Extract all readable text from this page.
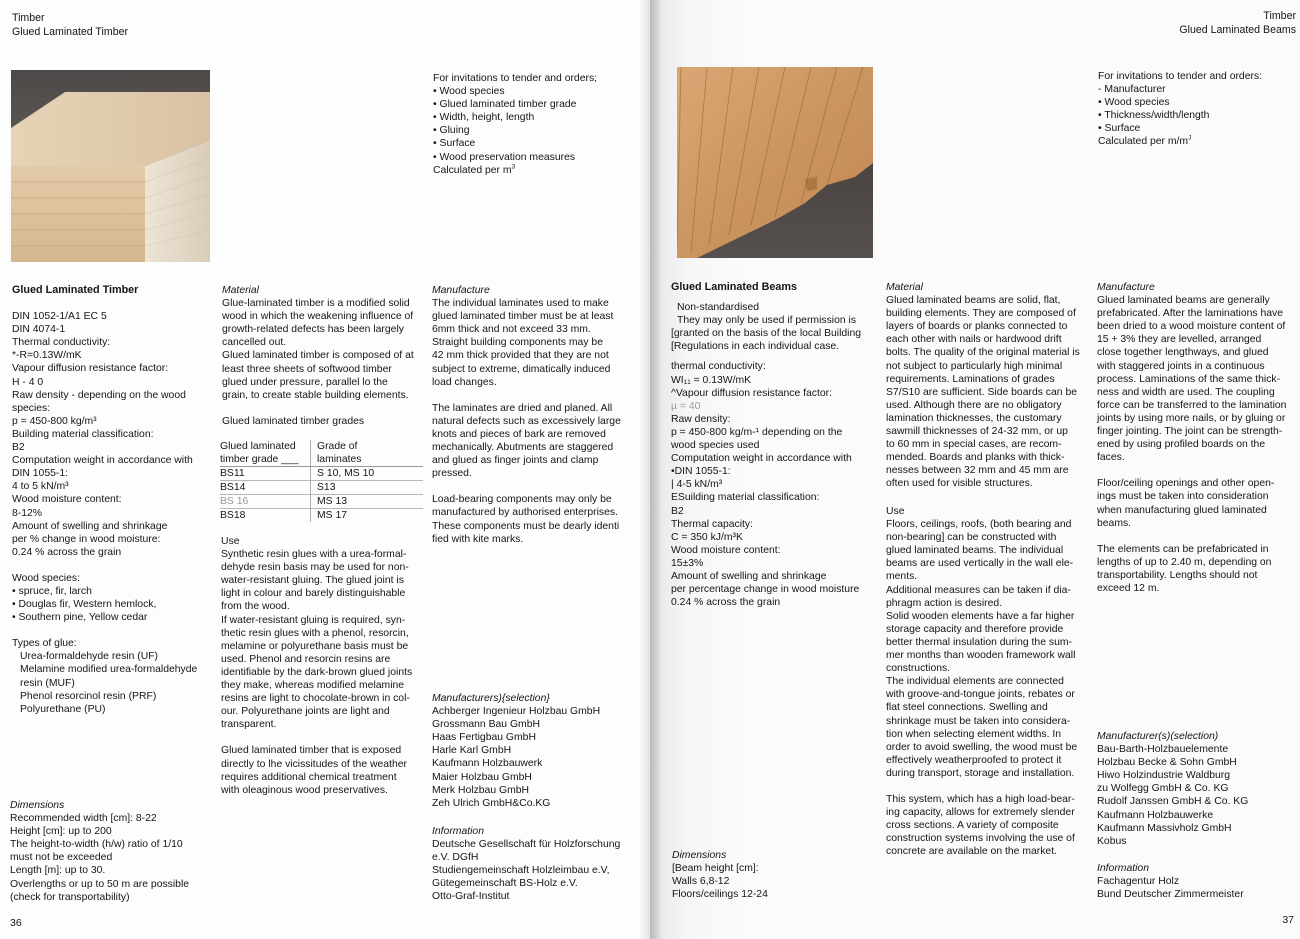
Timber
Glued Laminated Timber
For invitations to tender and orders;
• Wood species
• Glued laminated timber grade
• Width, height, length
• Gluing
• Surface
• Wood preservation measures
Calculated per $m^3$
Glued Laminated Timber
DIN 1052-1/A1 EC 5
DIN 4074-1
Thermal conductivity:
*‑R=0.13W/mK
Vapour diffusion resistance factor:
H - 4 0
Raw density - depending on the wood
species:
p = 450-800 kg/m³
Building material classification:
B2
Computation weight in accordance with
DIN 1055-1:
4 to 5 kN/m³
Wood moisture content:
8-12%
Amount of swelling and shrinkage
per % change in wood moisture:
0.24 % across the grain
Wood species:
• spruce, fir, larch
• Douglas fir, Western hemlock,
• Southern pine, Yellow cedar
Types of glue:
Urea-formaldehyde resin (UF)
Melamine modified urea-formaldehyde
resin (MUF)
Phenol resorcinol resin (PRF)
Polyurethane (PU)
Dimensions
Recommended width [cm]: 8-22
Height [cm]: up to 200
The height-to-width (h/w) ratio of 1/10
must not be exceeded
Length [m]: up to 30.
Overlengths or up to 50 m are possible
(check for transportability)
Material
Glue-laminated timber is a modified solid
wood in which the weakening influence of
growth-related defects has been largely
cancelled out.
Glued laminated timber is composed of at
least three sheets of softwood timber
glued under pressure, parallel lo the
grain, to create stable building elements.
Glued laminated timber grades
Glued laminated
timber grade ___
Grade of
laminates
BS11	S 10, MS 10
BS14	S13
BS 16	MS 13
BS18	MS 17
Use
Synthetic resin glues with a urea-formal-
dehyde resin basis may be used for non-
water-resistant gluing. The glued joint is
light in colour and barely distinguishable
from the wood.
If water-resistant gluing is required, syn-
thetic resin glues with a phenol, resorcin,
melamine or polyurethane basis must be
used. Phenol and resorcin resins are
identifiable by the dark-brown glued joints
they make, whereas modified melamine
resins are light to chocolate-brown in col-
our. Polyurethane joints are light and
transparent.
Glued laminated timber that is exposed
directly to lhe vicissitudes of the weather
requires additional chemical treatment
with oleaginous wood preservatives.
Manufacture
The individual laminates used to make
glued laminated timber must be at least
6mm thick and not exceed 33 mm.
Straight building components may be
42 mm thick provided that they are not
subject to extreme, dimatically induced
load changes.
The laminates are dried and planed. All
natural defects such as excessively large
knots and pieces of bark are removed
mechanically. Abutments are staggered
and glued as finger joints and clamp
pressed.
Load-bearing components may only be
manufactured by authorised enterprises.
These components must be dearly identi
fied with kite marks.
Manufacturers){selection}
Achberger Ingenieur Holzbau GmbH
Grossmann Bau GmbH
Haas Fertigbau GmbH
Harle Karl GmbH
Kaufmann Holzbauwerk
Maier Holzbau GmbH
Merk Holzbau GmbH
Zeh Ulrich GmbH&Co.KG
Information
Deutsche Gesellschaft für Holzforschung
e.V. DGfH
Studiengemeinschaft Holzleimbau e.V,
Gütegemeinschaft BS-Holz e.V.
Otto-Graf-Institut
36
Timber
Glued Laminated Beams
For invitations to tender and orders:
- Manufacturer
• Wood species
• Thickness/width/length
• Surface
Calculated per $m/m^J$
Glued Laminated Beams
Non-standardised
They may only be used if permission is
[granted on the basis of the local Building
[Regulations in each individual case.
thermal conductivity:
WI₁₁ = 0.13W/mK
^Vapour diffusion resistance factor:
µ = 40
Raw density:
p = 450-800 kg/m-¹ depending on the
wood species used
Computation weight in accordance with
•DIN 1055-1:
| 4-5 kN/m³
ESuilding material classification:
B2
Thermal capacity:
C = 350 kJ/m³K
Wood moisture content:
15±3%
Amount of swelling and shrinkage
per percentage change in wood moisture
0.24 % across the grain
Dimensions
[Beam height [cm]:
Walls 6,8-12
Floors/ceilings 12-24
Material
Glued laminated beams are solid, flat,
building elements. They are composed of
layers of boards or planks connected to
each other with nails or hardwood drift
bolts. The quality of the original material is
not subject to particularly high minimal
requirements. Laminations of grades
S7/S10 are sufficient. Side boards can be
used. Although there are no obligatory
lamination thicknesses, the customary
sawmill thicknesses of 24-32 mm, or up
to 60 mm in special cases, are recom-
mended. Boards and planks with thick-
nesses between 32 mm and 45 mm are
often used for visible structures.
Use
Floors, ceilings, roofs, (both bearing and
non-bearing] can be constructed with
glued laminated beams. The individual
beams are used vertically in the wall ele-
ments.
Additional measures can be taken if dia-
phragm action is desired.
Solid wooden elements have a far higher
storage capacity and therefore provide
better thermal insulation during the sum-
mer months than wooden framework wall
constructions.
The individual elements are connected
with groove-and-tongue joints, rebates or
flat steel connections. Swelling and
shrinkage must be taken into considera-
tion when selecting element widths. In
order to avoid swelling, the wood must be
effectively weatherproofed to protect it
during transport, storage and installation.
This system, which has a high load-bear-
ing capacity, allows for extremely slender
cross sections. A variety of composite
construction systems involving the use of
concrete are available on the market.
Manufacture
Glued laminated beams are generally
prefabricated. After the laminations have
been dried to a wood moisture content of
15 + 3% they are levelled, arranged
close together lengthways, and glued
with staggered joints in a continuous
process. Laminations of the same thick-
ness and width are used. The coupling
force can be transferred to the lamination
joints by using more nails, or by gluing or
finger jointing. The joint can be strength-
ened by using profiled boards on the
faces.
Floor/ceiling openings and other open-
ings must be taken into consideration
when manufacturing glued laminated
beams.
The elements can be prefabricated in
lengths of up to 2.40 m, depending on
transportability. Lengths should not
exceed 12 m.
Manufacturer(s)(selection)
Bau-Barth-Holzbauelemente
Holzbau Becke & Sohn GmbH
Hiwo Holzindustrie Waldburg
zu Wolfegg GmbH & Co. KG
Rudolf Janssen GmbH & Co. KG
Kaufmann Holzbauwerke
Kaufmann Massivholz GmbH
Kobus
Information
Fachagentur Holz
Bund Deutscher Zimmermeister
37
